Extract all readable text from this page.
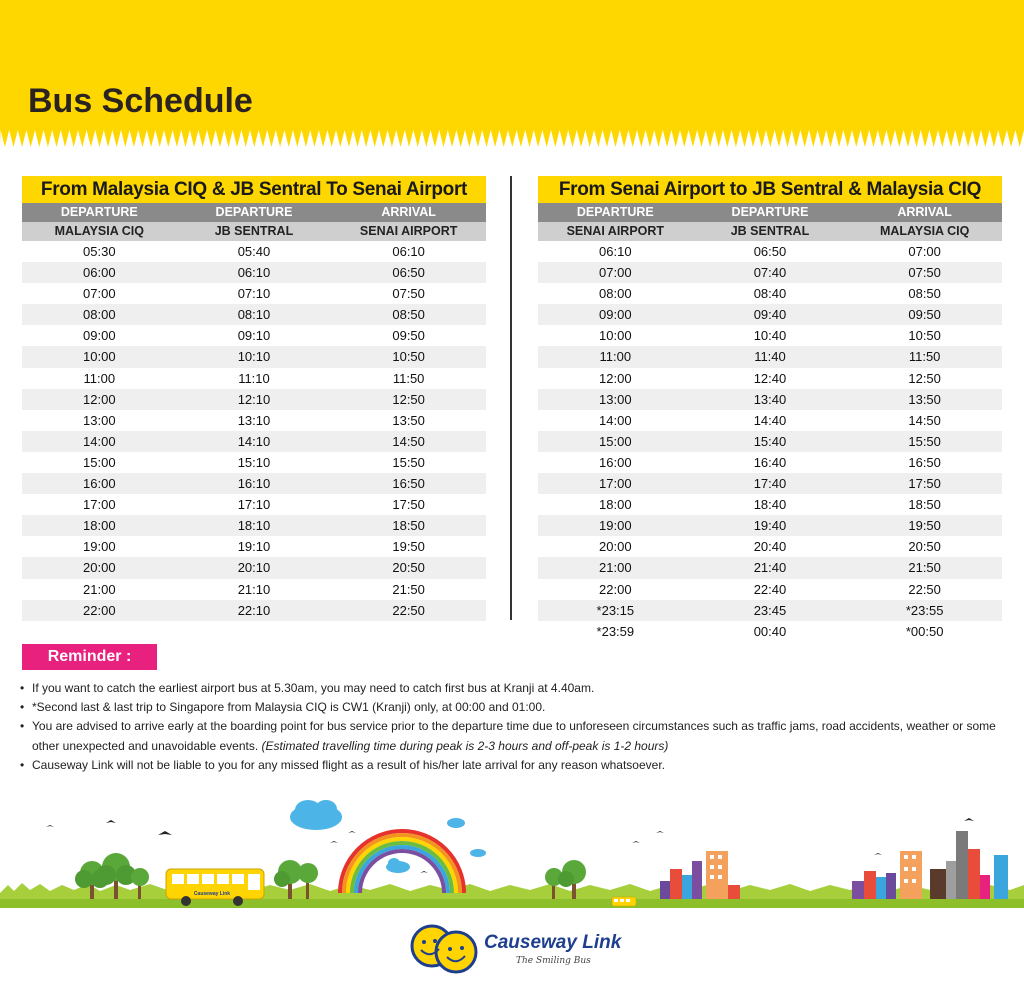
Bus Schedule
From Malaysia CIQ & JB Sentral To Senai Airport
DEPARTURE	DEPARTURE	ARRIVAL
MALAYSIA CIQ	JB SENTRAL	SENAI AIRPORT
05:30	05:40	06:10
06:00	06:10	06:50
07:00	07:10	07:50
08:00	08:10	08:50
09:00	09:10	09:50
10:00	10:10	10:50
11:00	11:10	11:50
12:00	12:10	12:50
13:00	13:10	13:50
14:00	14:10	14:50
15:00	15:10	15:50
16:00	16:10	16:50
17:00	17:10	17:50
18:00	18:10	18:50
19:00	19:10	19:50
20:00	20:10	20:50
21:00	21:10	21:50
22:00	22:10	22:50
From Senai Airport to JB Sentral & Malaysia CIQ
DEPARTURE	DEPARTURE	ARRIVAL
SENAI AIRPORT	JB SENTRAL	MALAYSIA CIQ
06:10	06:50	07:00
07:00	07:40	07:50
08:00	08:40	08:50
09:00	09:40	09:50
10:00	10:40	10:50
11:00	11:40	11:50
12:00	12:40	12:50
13:00	13:40	13:50
14:00	14:40	14:50
15:00	15:40	15:50
16:00	16:40	16:50
17:00	17:40	17:50
18:00	18:40	18:50
19:00	19:40	19:50
20:00	20:40	20:50
21:00	21:40	21:50
22:00	22:40	22:50
*23:15	23:45	*23:55
*23:59	00:40	*00:50
Reminder :
• If you want to catch the earliest airport bus at 5.30am, you may need to catch first bus at Kranji at 4.40am.
• *Second last & last trip to Singapore from Malaysia CIQ is CW1 (Kranji) only, at 00:00 and 01:00.
• You are advised to arrive early at the boarding point for bus service prior to the departure time due to unforeseen circumstances such as traffic jams, road accidents, weather or some other unexpected and unavoidable events. (Estimated travelling time during peak is 2-3 hours and off-peak is 1-2 hours)
• Causeway Link will not be liable to you for any missed flight as a result of his/her late arrival for any reason whatsoever.
Causeway Link
Causeway Link
The Smiling Bus
